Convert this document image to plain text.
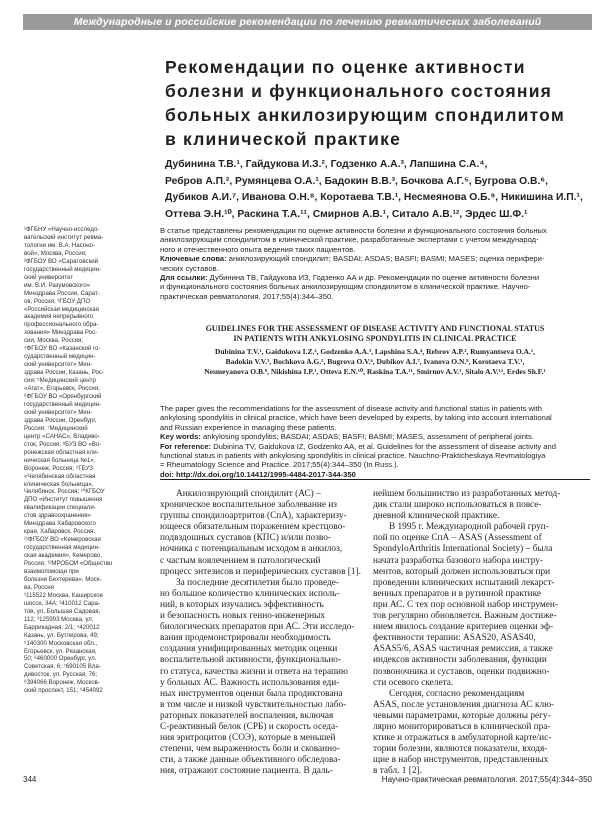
Международные и российские рекомендации по лечению ревматических заболеваний
Рекомендации по оценке активности
болезни и функционального состояния
больных анкилозирующим спондилитом
в клинической практике
Дубинина Т.В.¹, Гайдукова И.З.², Годзенко А.А.³, Лапшина С.А.⁴,
Ребров А.П.², Румянцева О.А.¹, Бадокин В.В.³, Бочкова А.Г.⁵, Бугрова О.В.⁶,
Дубиков А.И.⁷, Иванова О.Н.⁸, Коротаева Т.В.¹, Несмеянова О.Б.⁹, Никишина И.П.¹,
Оттева Э.Н.¹⁰, Раскина Т.А.¹¹, Смирнов А.В.¹, Ситало А.В.¹², Эрдес Ш.Ф.¹
¹ФГБНУ «Научно-исследо-
вательский институт ревма-
тологии им. В.А. Насоно-
вой», Москва, Россия;
²ФГБОУ ВО «Саратовский
государственный медицин-
ский университет
им. В.И. Разумовского»
Минздрава России, Сарат-
ов, Россия; ³ГБОУ ДПО
«Российская медицинская
академия непрерывного
профессионального обра-
зования» Минздрава Рос-
сии, Москва, Россия;
⁴ФГБОУ ВО «Казанский го-
сударственный медицин-
ский университет» Мин-
здрава России, Казань, Рос-
сия; ⁵Медицинский центр
«Агат», Егорьевск, Россия;
⁶ФГБОУ ВО «Оренбургский
государственный медицин-
ский университет» Мин-
здрава России, Оренбург,
Россия; ⁷Медицинский
центр «САНАС», Владиво-
сток, Россия; ⁸БУЗ ВО «Во-
ронежская областная кли-
ническая больница №1»,
Воронеж, Россия; ⁹ГБУЗ
«Челябинская областная
клиническая больница»,
Челябинск, Россия; ¹⁰КГБОУ
ДПО «Институт повышения
квалификации специали-
стов здравоохранения»
Минздрава Хабаровского
края, Хабаровск, Россия;
¹¹ФГБОУ ВО «Кемеровская
государственная медицин-
ская академия», Кемерово,
Россия; ¹²МРОБОИ «Общество
взаимопомощи при
болезни Бехтерева», Моск-
ва, Россия
¹115522 Москва, Каширское
шоссе, 34А; ²410012 Сара-
тов, ул. Большая Садовая,
112; ³125993 Москва, ул.
Баррикадная, 2/1; ⁴420012
Казань, ул. Бутлерова, 49;
⁵140300 Московская обл.,
Егорьевск, ул. Рязанская,
50; ⁶460000 Оренбург, ул.
Советская, 6; ⁷690105 Вла-
дивосток, ул. Русская, 76;
⁸394066 Воронеж, Москов-
ский проспект, 151; ⁹454092
В статье представлены рекомендации по оценке активности болезни и функционального состояния больных
анкилозирующим спондилитом в клинической практике, разработанные экспертами с учетом международ-
ного и отечественного опыта ведения таких пациентов.
Ключевые слова: анкилозирующий спондилит; BASDAI; ASDAS; BASFI; BASMI; MASES; оценка перифери-
ческих суставов.
Для ссылки: Дубинина ТВ, Гайдукова ИЗ, Годзенко АА и др. Рекомендации по оценке активности болезни
и функционального состояния больных анкилозирующим спондилитом в клинической практике. Научно-
практическая ревматология. 2017;55(4):344–350.
GUIDELINES FOR THE ASSESSMENT OF DISEASE ACTIVITY AND FUNCTIONAL STATUS
IN PATIENTS WITH ANKYLOSING SPONDYLITIS IN CLINICAL PRACTICE
Dubinina T.V.¹, Gaidukova I.Z.², Godzenko A.A.³, Lapshina S.A.⁴, Rebrov A.P.², Rumyantseva O.A.¹,
Badokin V.V.³, Bochkova A.G.⁵, Bugrova O.V.⁶, Dubikov A.I.⁷, Ivanova O.N.⁸, Korotaeva T.V.¹,
Nesmeyanova O.B.⁹, Nikishina I.P.¹, Otteva E.N.¹⁰, Raskina T.A.¹¹, Smirnov A.V.¹, Sitalo A.V.¹², Erdes Sh.F.¹
The paper gives the recommendations for the assessment of disease activity and functional status in patients with
ankylosing spondylitis in clinical practice, which have been developed by experts, by taking into account international
and Russian experience in managing these patients.
Key words: ankylosing spondylitis; BASDAI; ASDAS; BASFI; BASMI; MASES, assessment of peripheral joints.
For reference: Dubinina TV, Gaidukova IZ, Godzenko AA, et al. Guidelines for the assessment of disease activity and
functional status in patients with ankylosing spondylitis in clinical practice. Nauchno-Prakticheskaya Revmatologiya
= Rheumatology Science and Practice. 2017;55(4):344–350 (In Russ.).
doi: http://dx.doi.org/10.14412/1995-4484-2017-344-350
Анкилозирующий спондилит (АС) –
хроническое воспалительное заболевание из
группы спондилоартритов (СпА), характеризу-
ющееся обязательным поражением крестцово-
подвздошных суставов (КПС) и/или позво-
ночника с потенциальным исходом в анкилоз,
с частым вовлечением в патологический
процесс энтезисов и периферических суставов [1].
За последние десятилетия было проведе-
но большое количество клинических исполь-
ний, в которых изучались эффективность
и безопасность новых генно-инженерных
биологических препаратов при АС. Эти исследо-
вания продемонстрировали необходимость
создания унифицированных методик оценки
воспалительной активности, функционально-
го статуса, качества жизни и ответа на терапию
у больных АС. Важность использования еди-
ных инструментов оценки была продиктована
в том числе и низкой чувствительностью лабо-
раторных показателей воспаления, включая
С-реактивный белок (СРБ) и скорость оседа-
ния эритроцитов (СОЭ), которые в меньшей
степени, чем выраженность боли и скованно-
сти, а также данные объективного обследова-
ния, отражают состояние пациента. В даль-
нейшем большинство из разработанных метод-
дик стали широко использоваться в повсе-
дневной клинической практике.
В 1995 г. Международной рабочей груп-
пой по оценке СпА – ASAS (Assessment of
SpondyloArthritis International Society) – была
начата разработка базового набора инстру-
ментов, который должен использоваться при
проведении клинических испытаний лекарст-
венных препаратов и в рутинной практике
при АС. С тех пор основной набор инструмен-
тов регулярно обновляется. Важным достиже-
нием явилось создание критериев оценки эф-
фективности терапии: ASAS20, ASAS40,
ASAS5/6, ASAS частичная ремиссия, а также
индексов активности заболевания, функции
позвоночника и суставов, оценки подвижно-
сти осевого скелета.
Сегодня, согласно рекомендациям
ASAS, после установления диагноза АС клю-
чевыми параметрами, которые должны регу-
лярно мониторироваться в клинической пра-
ктике и отражаться в амбулаторной карте/ис-
тории болезни, являются показатели, входя-
щие в набор инструментов, представленных
в табл. 1 [2].
344	Научно-практическая ревматология. 2017;55(4):344–350
